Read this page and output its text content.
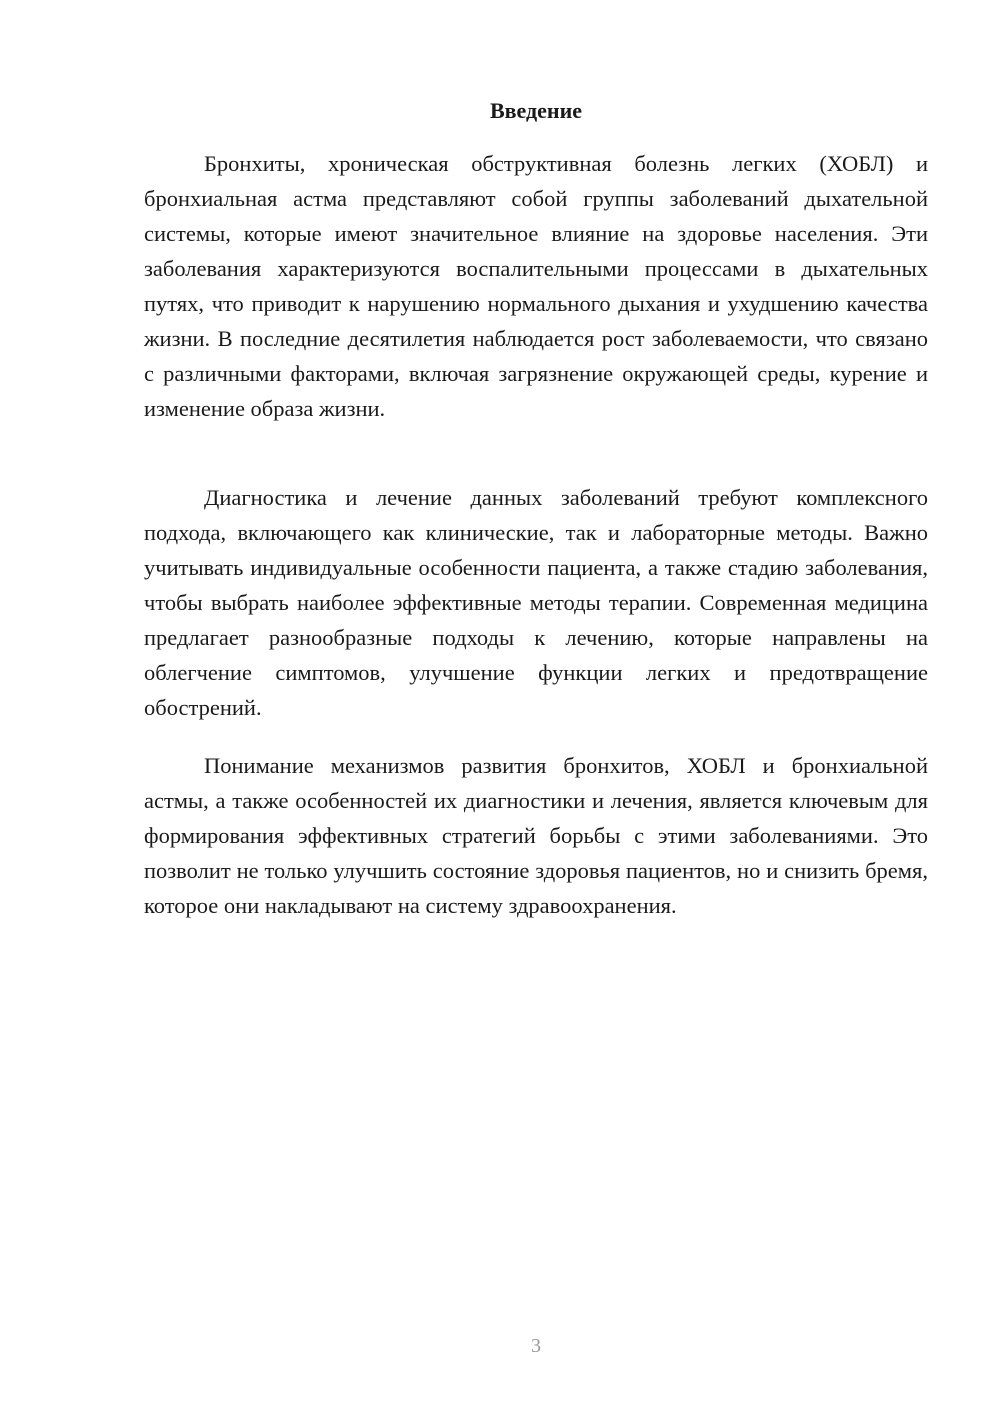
Введение

Бронхиты, хроническая обструктивная болезнь легких (ХОБЛ) и бронхиальная астма представляют собой группы заболеваний дыхательной системы, которые имеют значительное влияние на здоровье населения. Эти заболевания характеризуются воспалительными процессами в дыхательных путях, что приводит к нарушению нормального дыхания и ухудшению качества жизни. В последние десятилетия наблюдается рост заболеваемости, что связано с различными факторами, включая загрязнение окружающей среды, курение и изменение образа жизни.

Диагностика и лечение данных заболеваний требуют комплексного подхода, включающего как клинические, так и лабораторные методы. Важно учитывать индивидуальные особенности пациента, а также стадию заболевания, чтобы выбрать наиболее эффективные методы терапии. Современная медицина предлагает разнообразные подходы к лечению, которые направлены на облегчение симптомов, улучшение функции легких и предотвращение обострений.

Понимание механизмов развития бронхитов, ХОБЛ и бронхиальной астмы, а также особенностей их диагностики и лечения, является ключевым для формирования эффективных стратегий борьбы с этими заболеваниями. Это позволит не только улучшить состояние здоровья пациентов, но и снизить бремя, которое они накладывают на систему здравоохранения.

3
